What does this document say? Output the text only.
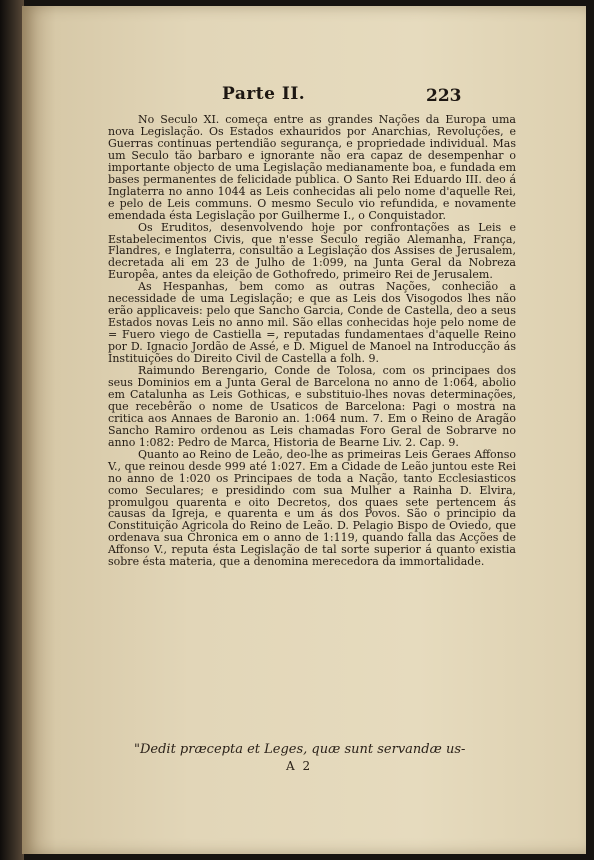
Parte II.	223

No Seculo XI. começa entre as grandes Nações da Europa uma nova Legislação. Os Estados exhauridos por Anarchias, Revoluções, e Guerras continuas pertendião segurança, e propriedade individual. Mas um Seculo tão barbaro e ignorante não era capaz de desempenhar o importante objecto de uma Legislação medianamente boa, e fundada em bases permanentes de felicidade publica. O Santo Rei Eduardo III. deo á Inglaterra no anno 1044 as Leis conhecidas ali pelo nome d'aquelle Rei, e pelo de Leis communs. O mesmo Seculo vio refundida, e novamente emendada ésta Legislação por Guilherme I., o Conquistador.

Os Eruditos, desenvolvendo hoje por confrontações as Leis e Estabelecimentos Civis, que n'esse Seculo região Alemanha, França, Flandres, e Inglaterra, consultão a Legislação dos Assises de Jerusalem, decretada ali em 23 de Julho de 1:099, na Junta Geral da Nobreza Europêa, antes da eleição de Gothofredo, primeiro Rei de Jerusalem.

As Hespanhas, bem como as outras Nações, conhecião a necessidade de uma Legislação; e que as Leis dos Visogodos lhes não erão applicaveis: pelo que Sancho Garcia, Conde de Castella, deo a seus Estados novas Leis no anno mil. São ellas conhecidas hoje pelo nome de = Fuero viego de Castiella =, reputadas fundamentaes d'aquelle Reino por D. Ignacio Jordão de Assé, e D. Miguel de Manoel na Introducção ás Instituições do Direito Civil de Castella a folh. 9.

Raimundo Berengario, Conde de Tolosa, com os principaes dos seus Dominios em a Junta Geral de Barcelona no anno de 1:064, abolio em Catalunha as Leis Gothicas, e substituio-lhes novas determinações, que recebêrão o nome de Usaticos de Barcelona: Pagi o mostra na critica aos Annaes de Baronio an. 1:064 num. 7. Em o Reino de Aragão Sancho Ramiro ordenou as Leis chamadas Foro Geral de Sobrarve no anno 1:082: Pedro de Marca, Historia de Bearne Liv. 2. Cap. 9.

Quanto ao Reino de Leão, deo-lhe as primeiras Leis Geraes Affonso V., que reinou desde 999 até 1:027. Em a Cidade de Leão juntou este Rei no anno de 1:020 os Principaes de toda a Nação, tanto Ecclesiasticos como Seculares; e presidindo com sua Mulher a Rainha D. Elvira, promulgou quarenta e oito Decretos, dos quaes sete pertencem ás causas da Igreja, e quarenta e um ás dos Povos. São o principio da Constituição Agricola do Reino de Leão. D. Pelagio Bispo de Oviedo, que ordenava sua Chronica em o anno de 1:119, quando falla das Acções de Affonso V., reputa ésta Legislação de tal sorte superior á quanto existia sobre ésta materia, que a denomina merecedora da immortalidade.

"Dedit præcepta et Leges, quæ sunt servandæ us-
A 2
